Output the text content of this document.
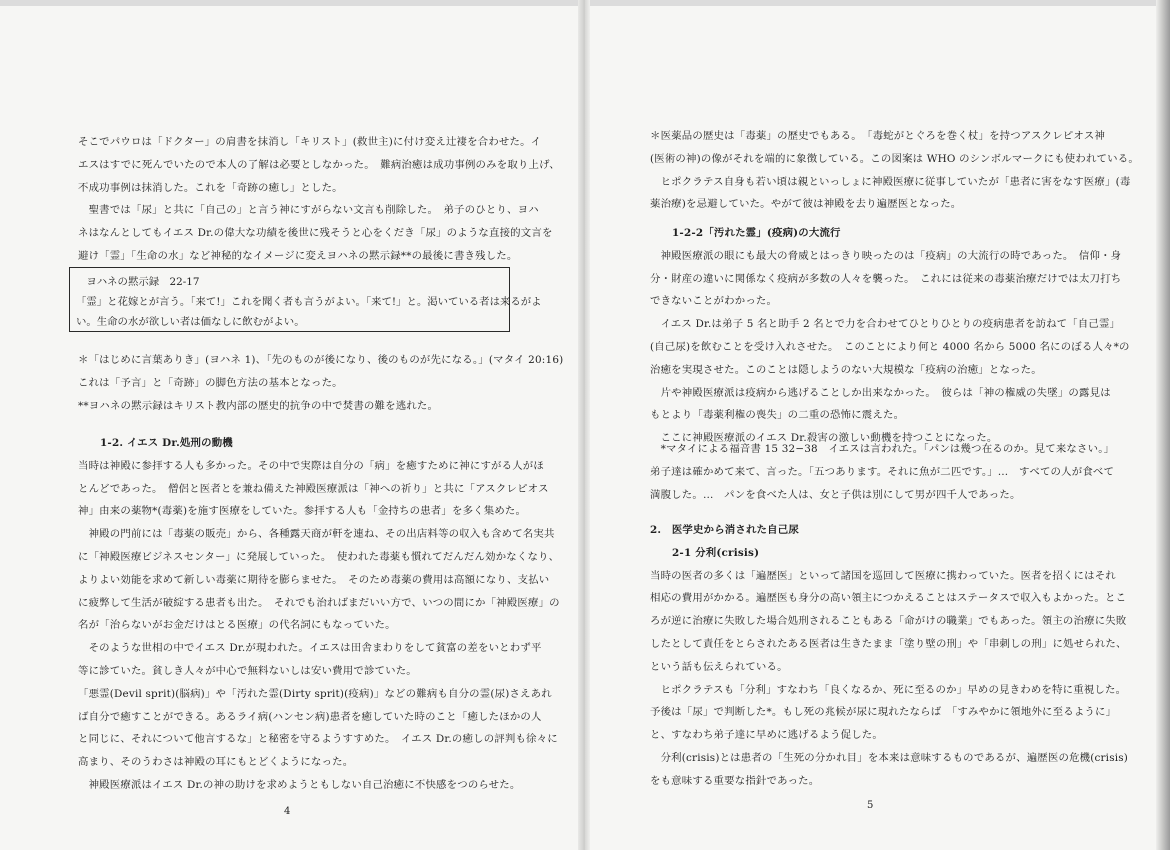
そこでパウロは「ドクター」の肩書を抹消し「キリスト」(救世主)に付け変え辻褄を合わせた。イ
エスはすでに死んでいたので本人の了解は必要としなかった。　難病治癒は成功事例のみを取り上げ、
不成功事例は抹消した。これを「奇跡の癒し」とした。
　聖書では「尿」と共に「自己の」と言う神にすがらない文言も削除した。　弟子のひとり、ヨハ
ネはなんとしてもイエス Dr.の偉大な功績を後世に残そうと心をくだき「尿」のような直接的文言を
避け「霊」「生命の水」など神秘的なイメージに変えヨハネの黙示録**の最後に書き残した。
　ヨハネの黙示録　22-17
「霊」と花嫁とが言う。「来て!」これを聞く者も言うがよい。「来て!」と。渇いている者は来るがよ
い。生命の水が欲しい者は価なしに飲むがよい。
＊「はじめに言葉ありき」(ヨハネ 1)、「先のものが後になり、後のものが先になる。」(マタイ 20:16)
これは「予言」と「奇跡」の脚色方法の基本となった。
**ヨハネの黙示録はキリスト教内部の歴史的抗争の中で焚書の難を逃れた。
1-2. イエス Dr.処刑の動機
当時は神殿に参拝する人も多かった。その中で実際は自分の「病」を癒すために神にすがる人がほ
とんどであった。　僧侶と医者とを兼ね備えた神殿医療派は「神への祈り」と共に「アスクレピオス
神」由来の薬物*(毒薬)を施す医療をしていた。参拝する人も「金持ちの患者」を多く集めた。
　神殿の門前には「毒薬の販売」から、各種露天商が軒を連ね、その出店料等の収入も含めて名実共
に「神殿医療ビジネスセンター」に発展していった。　使われた毒薬も慣れてだんだん効かなくなり、
よりよい効能を求めて新しい毒薬に期待を膨らませた。　そのため毒薬の費用は高額になり、支払い
に疲弊して生活が破綻する患者も出た。　それでも治ればまだいい方で、いつの間にか「神殿医療」の
名が「治らないがお金だけはとる医療」の代名詞にもなっていた。
　そのような世相の中でイエス Dr.が現われた。イエスは田舎まわりをして貧富の差をいとわず平
等に診ていた。貧しき人々が中心で無料ないしは安い費用で診ていた。
「悪霊(Devil sprit)(脳病)」や「汚れた霊(Dirty sprit)(疫病)」などの難病も自分の霊(尿)さえあれ
ば自分で癒すことができる。あるライ病(ハンセン病)患者を癒していた時のこと「癒したほかの人
と同じに、それについて他言するな」と秘密を守るようすすめた。　イエス Dr.の癒しの評判も徐々に
高まり、そのうわさは神殿の耳にもとどくようになった。
　神殿医療派はイエス Dr.の神の助けを求めようともしない自己治癒に不快感をつのらせた。
4
＊医薬品の歴史は「毒薬」の歴史でもある。　「毒蛇がとぐろを巻く杖」を持つアスクレピオス神
(医術の神)の像がそれを端的に象徴している。この図案は WHO のシンボルマークにも使われている。
　ヒポクラテス自身も若い頃は親といっしょに神殿医療に従事していたが「患者に害をなす医療」(毒
薬治療)を忌避していた。やがて彼は神殿を去り遍歴医となった。
1-2-2「汚れた霊」(疫病)の大流行
　神殿医療派の眼にも最大の脅威とはっきり映ったのは「疫病」の大流行の時であった。　信仰・身
分・財産の違いに関係なく疫病が多数の人々を襲った。　これには従来の毒薬治療だけでは太刀打ち
できないことがわかった。
　イエス Dr.は弟子 5 名と助手 2 名とで力を合わせてひとりひとりの疫病患者を訪ねて「自己霊」
(自己尿)を飲むことを受け入れさせた。　このことにより何と 4000 名から 5000 名にのぼる人々*の
治癒を実現させた。このことは隠しようのない大規模な「疫病の治癒」となった。
　片や神殿医療派は疫病から逃げることしか出来なかった。　彼らは「神の権威の失墜」の露見は
もとより「毒薬利権の喪失」の二重の恐怖に震えた。
　ここに神殿医療派のイエス Dr.殺害の激しい動機を持つことになった。
　*マタイによる福音書 15 32−38　イエスは言われた。「パンは幾つ在るのか。見て来なさい。」
弟子達は確かめて来て、言った。「五つあります。それに魚が二匹です。」…　すべての人が食べて
満腹した。…　パンを食べた人は、女と子供は別にして男が四千人であった。
2.　医学史から消された自己尿
2-1 分利(crisis)
当時の医者の多くは「遍歴医」といって諸国を巡回して医療に携わっていた。医者を招くにはそれ
相応の費用がかかる。遍歴医も身分の高い領主につかえることはステータスで収入もよかった。とこ
ろが逆に治療に失敗した場合処刑されることもある「命がけの職業」でもあった。領主の治療に失敗
したとして責任をとらされたある医者は生きたまま「塗り壁の刑」や「串刺しの刑」に処せられた、
という話も伝えられている。
　ヒポクラテスも「分利」すなわち「良くなるか、死に至るのか」早めの見きわめを特に重視した。
予後は「尿」で判断した*。もし死の兆候が尿に現れたならば　「すみやかに領地外に至るように」
と、すなわち弟子達に早めに逃げるよう促した。
　分利(crisis)とは患者の「生死の分かれ目」を本来は意味するものであるが、遍歴医の危機(crisis)
をも意味する重要な指針であった。
5
